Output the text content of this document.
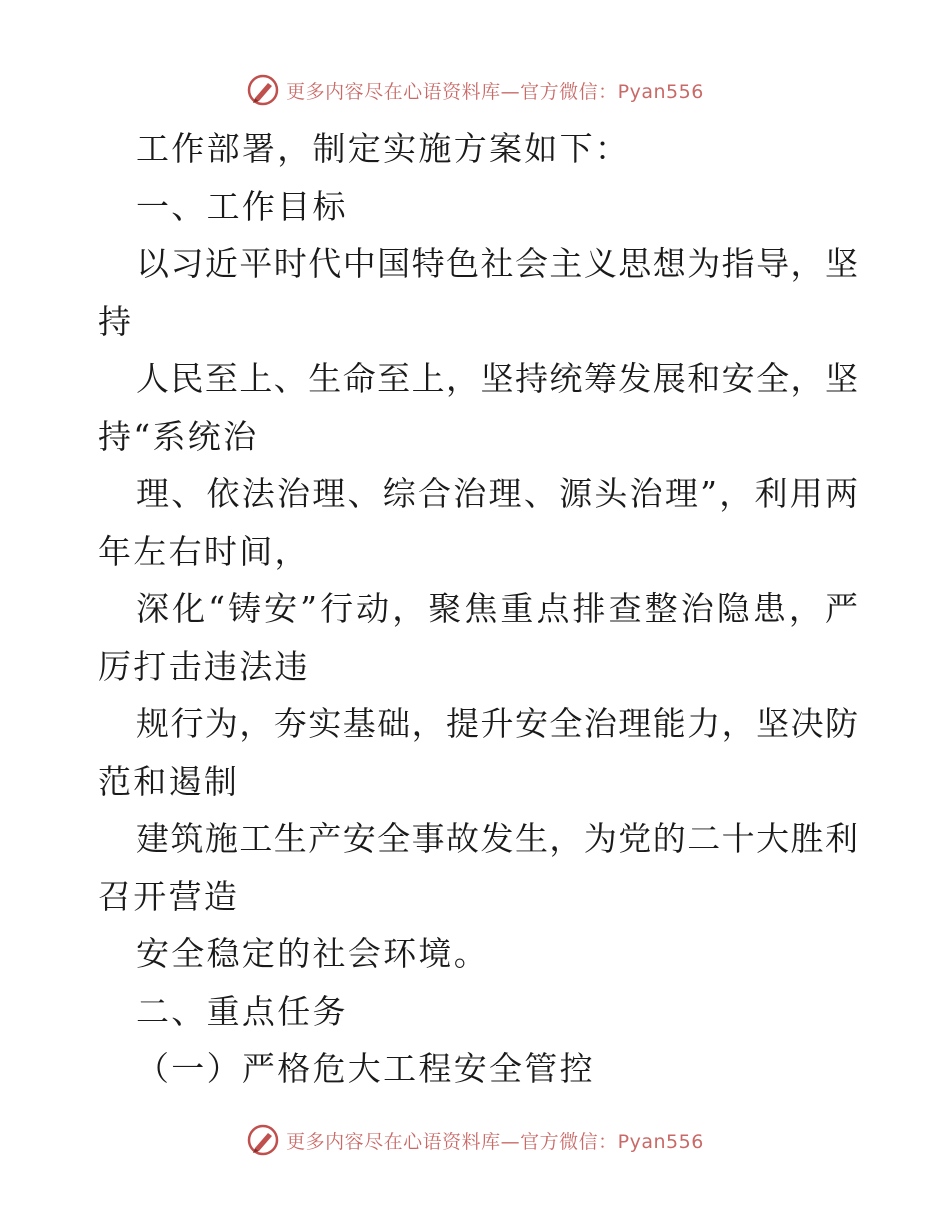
更多内容尽在心语资料库—官方微信：Pyan556
工作部署，制定实施方案如下：
一、工作目标
以习近平时代中国特色社会主义思想为指导，坚
持
人民至上、生命至上，坚持统筹发展和安全，坚
持“系统治
理、依法治理、综合治理、源头治理”，利用两
年左右时间，
深化“铸安”行动，聚焦重点排查整治隐患，严
厉打击违法违
规行为，夯实基础，提升安全治理能力，坚决防
范和遏制
建筑施工生产安全事故发生，为党的二十大胜利
召开营造
安全稳定的社会环境。
二、重点任务
（一）严格危大工程安全管控
更多内容尽在心语资料库—官方微信：Pyan556
